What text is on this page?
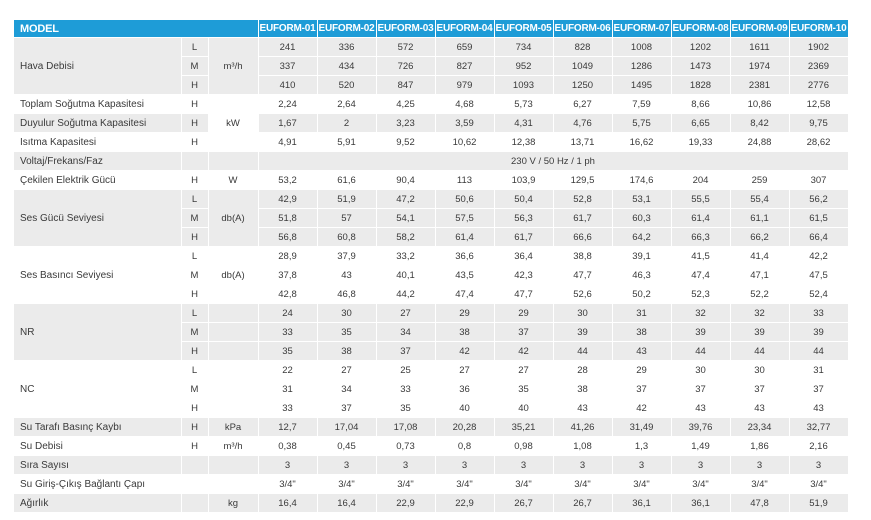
MODEL			EUFORM-01	EUFORM-02	EUFORM-03	EUFORM-04	EUFORM-05	EUFORM-06	EUFORM-07	EUFORM-08	EUFORM-09	EUFORM-10
Hava Debisi	L	m³/h	241	336	572	659	734	828	1008	1202	1611	1902
	M		337	434	726	827	952	1049	1286	1473	1974	2369
	H		410	520	847	979	1093	1250	1495	1828	2381	2776
Toplam Soğutma Kapasitesi	H	kW	2,24	2,64	4,25	4,68	5,73	6,27	7,59	8,66	10,86	12,58
Duyulur Soğutma Kapasitesi	H		1,67	2	3,23	3,59	4,31	4,76	5,75	6,65	8,42	9,75
Isıtma Kapasitesi	H		4,91	5,91	9,52	10,62	12,38	13,71	16,62	19,33	24,88	28,62
Voltaj/Frekans/Faz			230 V / 50 Hz / 1 ph									
Çekilen Elektrik Gücü	H	W	53,2	61,6	90,4	113	103,9	129,5	174,6	204	259	307
Ses Gücü Seviyesi	L	db(A)	42,9	51,9	47,2	50,6	50,4	52,8	53,1	55,5	55,4	56,2
	M		51,8	57	54,1	57,5	56,3	61,7	60,3	61,4	61,1	61,5
	H		56,8	60,8	58,2	61,4	61,7	66,6	64,2	66,3	66,2	66,4
Ses Basıncı Seviyesi	L	db(A)	28,9	37,9	33,2	36,6	36,4	38,8	39,1	41,5	41,4	42,2
	M		37,8	43	40,1	43,5	42,3	47,7	46,3	47,4	47,1	47,5
	H		42,8	46,8	44,2	47,4	47,7	52,6	50,2	52,3	52,2	52,4
NR	L		24	30	27	29	29	30	31	32	32	33
	M		33	35	34	38	37	39	38	39	39	39
	H		35	38	37	42	42	44	43	44	44	44
NC	L		22	27	25	27	27	28	29	30	30	31
	M		31	34	33	36	35	38	37	37	37	37
	H		33	37	35	40	40	43	42	43	43	43
Su Tarafı Basınç Kaybı	H	kPa	12,7	17,04	17,08	20,28	35,21	41,26	31,49	39,76	23,34	32,77
Su Debisi	H	m³/h	0,38	0,45	0,73	0,8	0,98	1,08	1,3	1,49	1,86	2,16
Sıra Sayısı			3	3	3	3	3	3	3	3	3	3
Su Giriş-Çıkış Bağlantı Çapı			3/4"	3/4"	3/4"	3/4"	3/4"	3/4"	3/4"	3/4"	3/4"	3/4"
Ağırlık		kg	16,4	16,4	22,9	22,9	26,7	26,7	36,1	36,1	47,8	51,9
